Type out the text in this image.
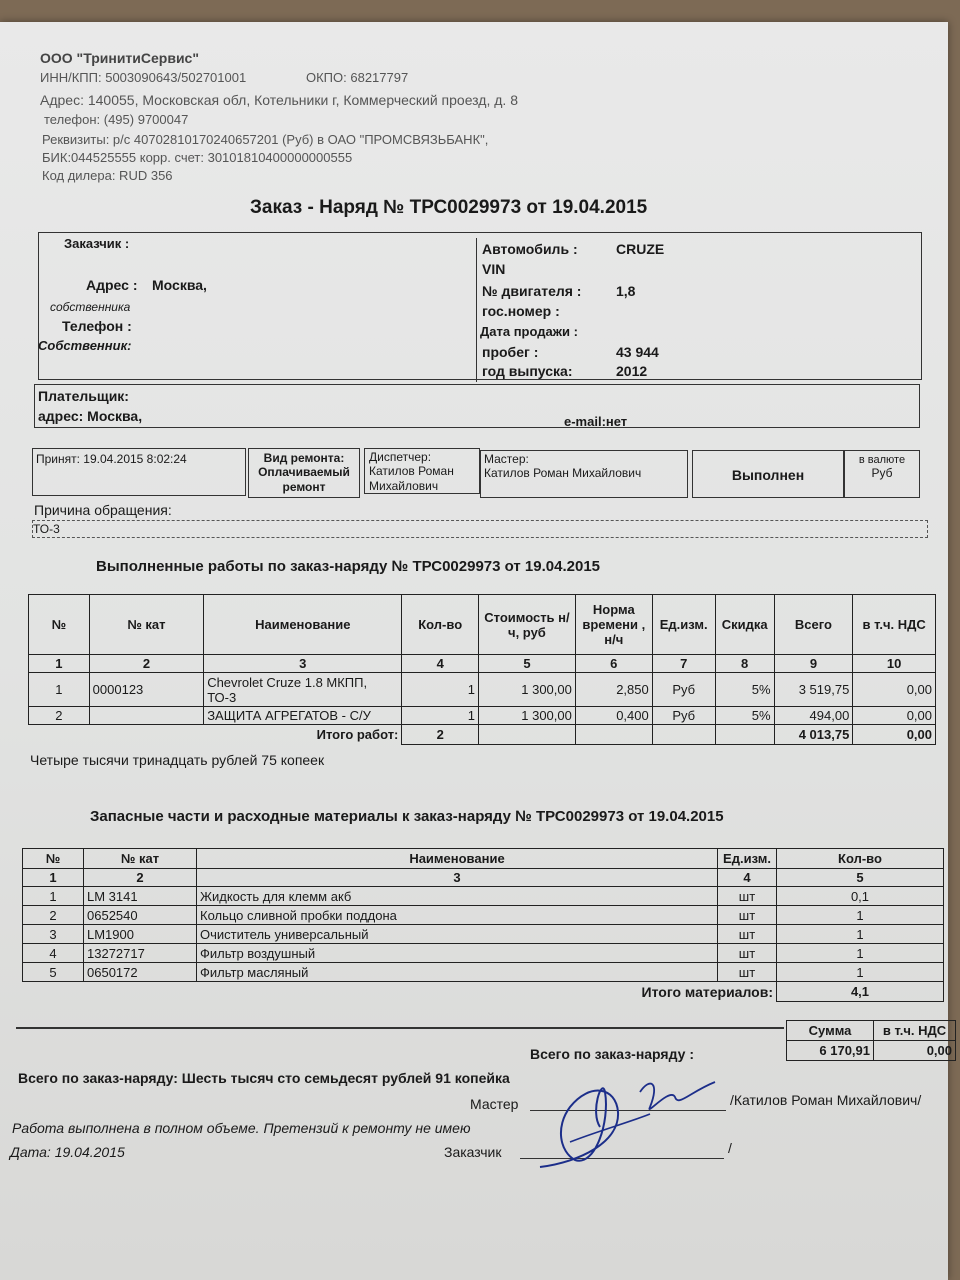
ООО "ТринитиСервис"
ИНН/КПП: 5003090643/502701001	ОКПО: 68217797
Адрес: 140055, Московская обл, Котельники г, Коммерческий проезд, д. 8
телефон: (495) 9700047
Реквизиты: р/с 40702810170240657201 (Руб) в ОАО "ПРОМСВЯЗЬБАНК",
БИК:044525555 корр. счет: 30101810400000000555
Код дилера: RUD 356
Заказ - Наряд № ТРС0029973 от 19.04.2015
Заказчик :
Адрес : Москва,
собственника
Телефон :
Собственник:
Автомобиль :	CRUZE
VIN
№ двигателя : 1,8
гос.номер :
Дата продажи :
пробег :	43 944
год выпуска:	2012
Плательщик:
адрес: Москва,	e-mail:нет
Принят: 19.04.2015 8:02:24	Вид ремонта:
Оплачиваемый ремонт
Диспетчер:
Катилов Роман Михайлович
Мастер:
Катилов Роман Михайлович	Выполнен
в валюте
Руб
Причина обращения:
ТО-3
Выполненные работы по заказ-наряду № ТРС0029973 от 19.04.2015
№	№ кат	Наименование	Кол-во	Стоимость н/ч, руб	Норма времени , н/ч	Ед.изм.	Скидка	Всего	в т.ч. НДС
1	2	3	4	5	6	7	8	9	10
1	0000123	Chevrolet Cruze 1.8 МКПП, ТО-3	1	1 300,00	2,850	Руб	5%	3 519,75	0,00
2		ЗАЩИТА АГРЕГАТОВ - С/У	1	1 300,00	0,400	Руб	5%	494,00	0,00
Итого работ:			2					4 013,75	0,00
Четыре тысячи тринадцать рублей 75 копеек
Запасные части и расходные материалы к заказ-наряду № ТРС0029973 от 19.04.2015
№	№ кат	Наименование	Ед.изм.	Кол-во
1	2	3	4	5
1	LM 3141	Жидкость для клемм акб	шт	0,1
2	0652540	Кольцо сливной пробки поддона	шт	1
3	LM1900	Очиститель универсальный	шт	1
4	13272717	Фильтр воздушный	шт	1
5	0650172	Фильтр масляный	шт	1
Итого материалов:				4,1
Сумма	в т.ч. НДС
6 170,91	0,00
Всего по заказ-наряду :
Всего по заказ-наряду: Шесть тысяч сто семьдесят рублей 91 копейка
Мастер	/Катилов Роман Михайлович/
Работа выполнена в полном объеме. Претензий к ремонту не имею
Дата: 19.04.2015	Заказчик	/
